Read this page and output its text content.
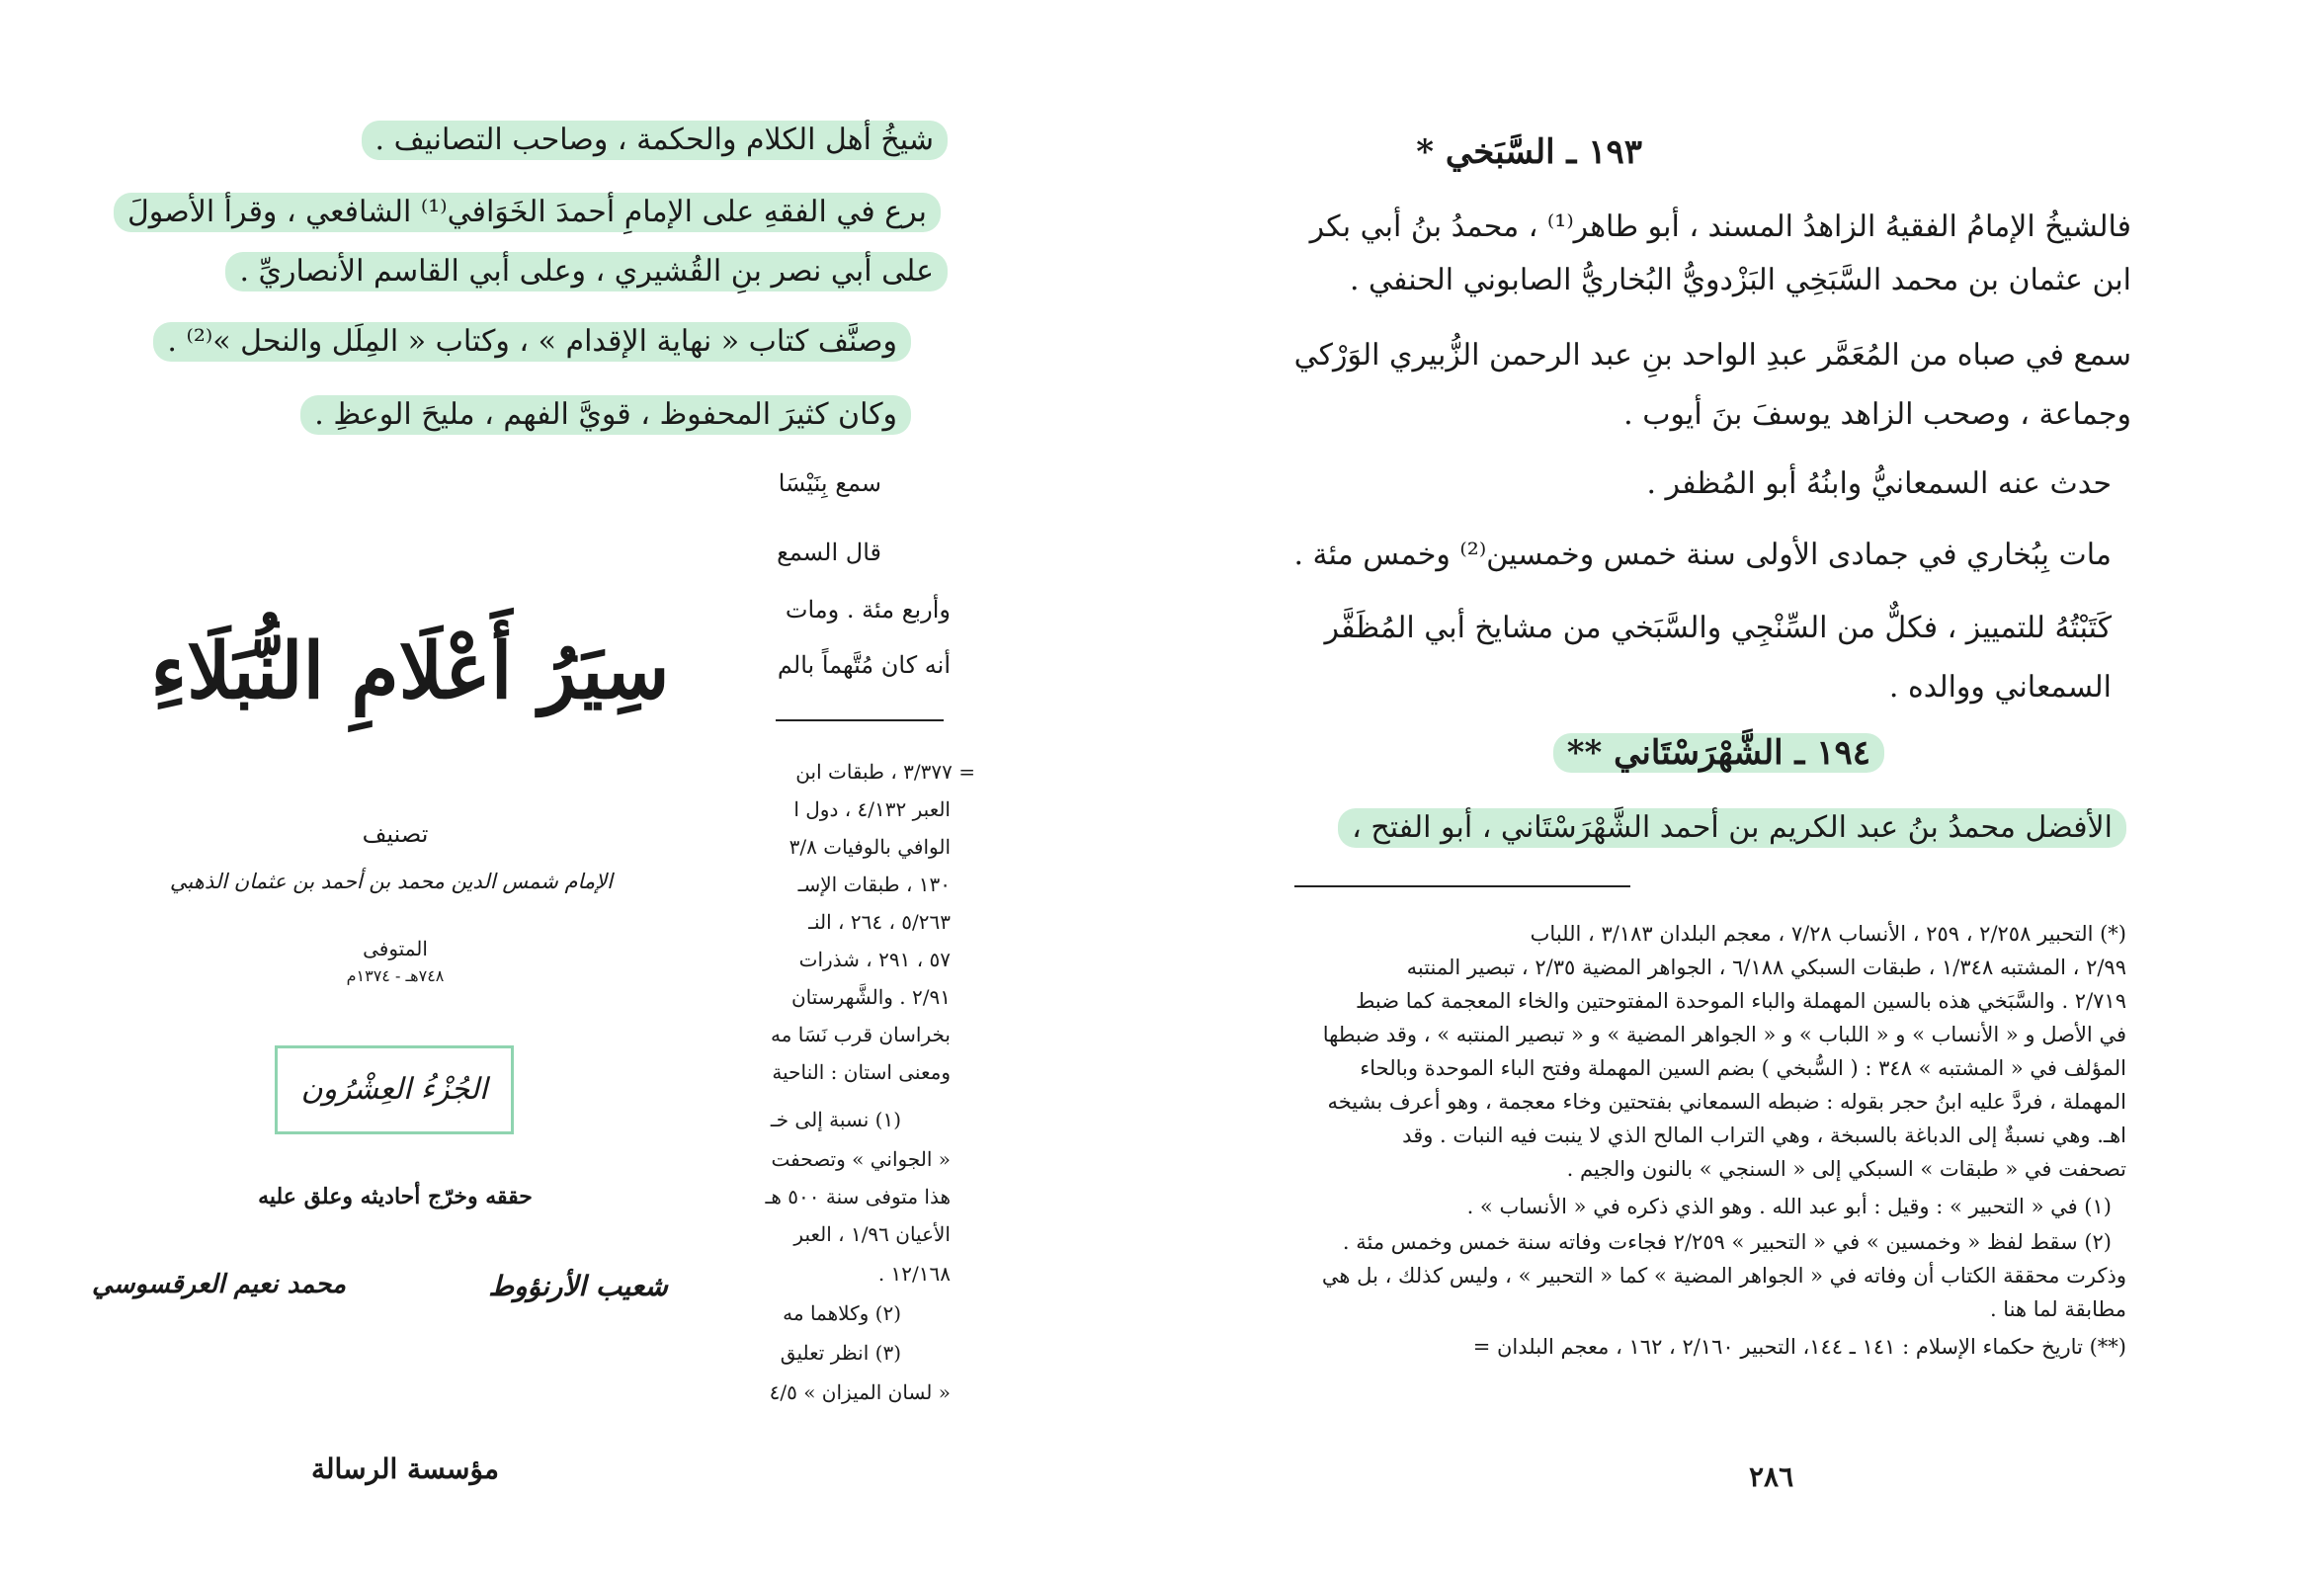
١٩٣ ـ السَّبَخي *
فالشيخُ الإمامُ الفقيهُ الزاهدُ المسند ، أبو طاهر⁽¹⁾ ، محمدُ بنُ أبي بكر
ابن عثمان بن محمد السَّبَخِي البَزْدويُّ البُخاريُّ الصابوني الحنفي .
سمع في صباه من المُعَمَّر عبدِ الواحد بنِ عبد الرحمن الزُّبيري الوَرْكي
وجماعة ، وصحب الزاهد يوسفَ بنَ أيوب .
حدث عنه السمعانيُّ وابنُهُ أبو المُظفر .
مات بِبُخاري في جمادى الأولى سنة خمس وخمسين⁽²⁾ وخمس مئة .
كَتَبْتُهُ للتمييز ، فكلٌّ من السِّنْجِي والسَّبَخي من مشايخ أبي المُظَفَّر
السمعاني ووالده .
١٩٤ ـ الشَّهْرَسْتَاني **
الأفضل محمدُ بنُ عبد الكريم بن أحمد الشَّهْرَسْتَاني ، أبو الفتح ،
(*) التحبير ٢/٢٥٨ ، ٢٥٩ ، الأنساب ٧/٢٨ ، معجم البلدان ٣/١٨٣ ، اللباب
٢/٩٩ ، المشتبه ١/٣٤٨ ، طبقات السبكي ٦/١٨٨ ، الجواهر المضية ٢/٣٥ ، تبصير المنتبه
٢/٧١٩ . والسَّبَخي هذه بالسين المهملة والباء الموحدة المفتوحتين والخاء المعجمة كما ضبط
في الأصل و « الأنساب » و « اللباب » و « الجواهر المضية » و « تبصير المنتبه » ، وقد ضبطها
المؤلف في « المشتبه » ٣٤٨ : ( السُّبخي ) بضم السين المهملة وفتح الباء الموحدة وبالحاء
المهملة ، فردَّ عليه ابنُ حجر بقوله : ضبطه السمعاني بفتحتين وخاء معجمة ، وهو أعرف بشيخه
اهـ. وهي نسبةٌ إلى الدباغة بالسبخة ، وهي التراب المالح الذي لا ينبت فيه النبات . وقد
تصحفت في « طبقات » السبكي إلى « السنجي » بالنون والجيم .
(١) في « التحبير » : وقيل : أبو عبد الله . وهو الذي ذكره في « الأنساب » .
(٢) سقط لفظ « وخمسين » في « التحبير » ٢/٢٥٩ فجاءت وفاته سنة خمس وخمس مئة .
وذكرت محققة الكتاب أن وفاته في « الجواهر المضية » كما « التحبير » ، وليس كذلك ، بل هي
مطابقة لما هنا .
(**) تاريخ حكماء الإسلام : ١٤١ ـ ١٤٤، التحبير ٢/١٦٠ ، ١٦٢ ، معجم البلدان =
٢٨٦
شيخُ أهل الكلام والحكمة ، وصاحب التصانيف .
برع في الفقهِ على الإمامِ أحمدَ الخَوَافي⁽¹⁾ الشافعي ، وقرأ الأصولَ
على أبي نصر بنِ القُشيري ، وعلى أبي القاسم الأنصاريِّ .
وصنَّف كتاب « نهاية الإقدام » ، وكتاب « المِلَل والنحل »⁽²⁾ .
وكان كثيرَ المحفوظ ، قويَّ الفهم ، مليحَ الوعظِ .
سمع بِنَيْسَا
قال السمع
وأربع مئة . ومات
أنه كان مُتَّهماً بالم
= ٣/٣٧٧ ، طبقات ابن
العبر ٤/١٣٢ ، دول ا
الوافي بالوفيات ٣/٨
١٣٠ ، طبقات الإسـ
٥/٢٦٣ ، ٢٦٤ ، النـ
٥٧ ، ٢٩١ ، شذرات
٢/٩١ . والشَّهرستان
بخراسان قرب نَسَا مه
ومعنى استان : الناحية
(١) نسبة إلى خـ
« الجواني » وتصحفت
هذا متوفى سنة ٥٠٠ هـ
الأعيان ١/٩٦ ، العبر
١٢/١٦٨ .
(٢) وكلاهما مه
(٣) انظر تعليق
« لسان الميزان » ٤/٥
سِيَرُ أَعْلَامِ النُّبَلَاءِ
تصنيف
الإمام شمس الدين محمد بن أحمد بن عثمان الذهبي
المتوفى
٧٤٨هـ - ١٣٧٤م
الجُزْءُ العِشْرُون
حققه وخرّج أحاديثه وعلق عليه
شعيب الأرنؤوط
محمد نعيم العرقسوسي
مؤسسة الرسالة
